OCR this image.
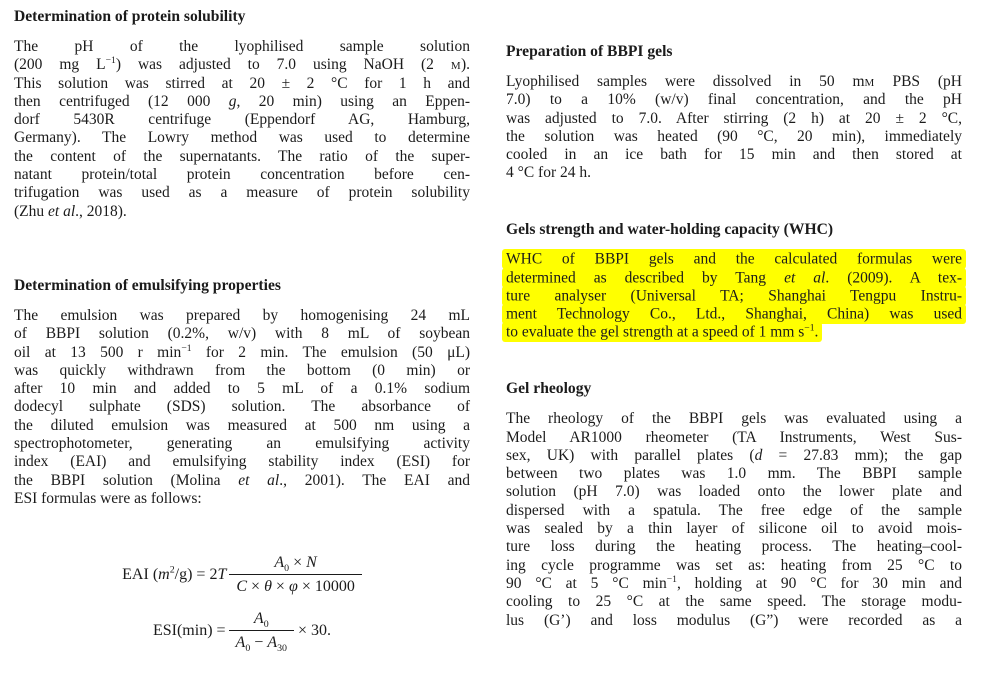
Determination of protein solubility
The pH of the lyophilised sample solution
(200 mg $L^{-1}$) was adjusted to 7.0 using NaOH (2 m).
This solution was stirred at 20 ± 2 °C for 1 h and
then centrifuged (12 000 g, 20 min) using an Eppen-
dorf 5430R centrifuge (Eppendorf AG, Hamburg,
Germany). The Lowry method was used to determine
the content of the supernatants. The ratio of the super-
natant protein/total protein concentration before cen-
trifugation was used as a measure of protein solubility
(Zhu et al., 2018).
Determination of emulsifying properties
The emulsion was prepared by homogenising 24 mL
of BBPI solution (0.2%, w/v) with 8 mL of soybean
oil at 13 500 r $\min^{-1}$ for 2 min. The emulsion (50 μL)
was quickly withdrawn from the bottom (0 min) or
after 10 min and added to 5 mL of a 0.1% sodium
dodecyl sulphate (SDS) solution. The absorbance of
the diluted emulsion was measured at 500 nm using a
spectrophotometer, generating an emulsifying activity
index (EAI) and emulsifying stability index (ESI) for
the BBPI solution (Molina et al., 2001). The EAI and
ESI formulas were as follows:
EAI $(m^2/g) = 2T \frac{A_0 \times N}{C \times \theta \times \varphi \times 10000}$
$ESI(\min) = \frac{A_0}{A_0 - A_{30}} \times 30$.
Preparation of BBPI gels
Lyophilised samples were dissolved in 50 mm PBS (pH
7.0) to a 10% (w/v) final concentration, and the pH
was adjusted to 7.0. After stirring (2 h) at 20 ± 2 °C,
the solution was heated (90 °C, 20 min), immediately
cooled in an ice bath for 15 min and then stored at
4 °C for 24 h.
Gels strength and water-holding capacity (WHC)
WHC of BBPI gels and the calculated formulas were
determined as described by Tang et al. (2009). A tex-
ture analyser (Universal TA; Shanghai Tengpu Instru-
ment Technology Co., Ltd., Shanghai, China) was used
to evaluate the gel strength at a speed of 1 mm $s^{-1}$.
Gel rheology
The rheology of the BBPI gels was evaluated using a
Model AR1000 rheometer (TA Instruments, West Sus-
sex, UK) with parallel plates (d = 27.83 mm); the gap
between two plates was 1.0 mm. The BBPI sample
solution (pH 7.0) was loaded onto the lower plate and
dispersed with a spatula. The free edge of the sample
was sealed by a thin layer of silicone oil to avoid mois-
ture loss during the heating process. The heating–cool-
ing cycle programme was set as: heating from 25 °C to
90 °C at 5 °C $\min^{-1}$, holding at 90 °C for 30 min and
cooling to 25 °C at the same speed. The storage modu-
lus (G’) and loss modulus (G”) were recorded as a
